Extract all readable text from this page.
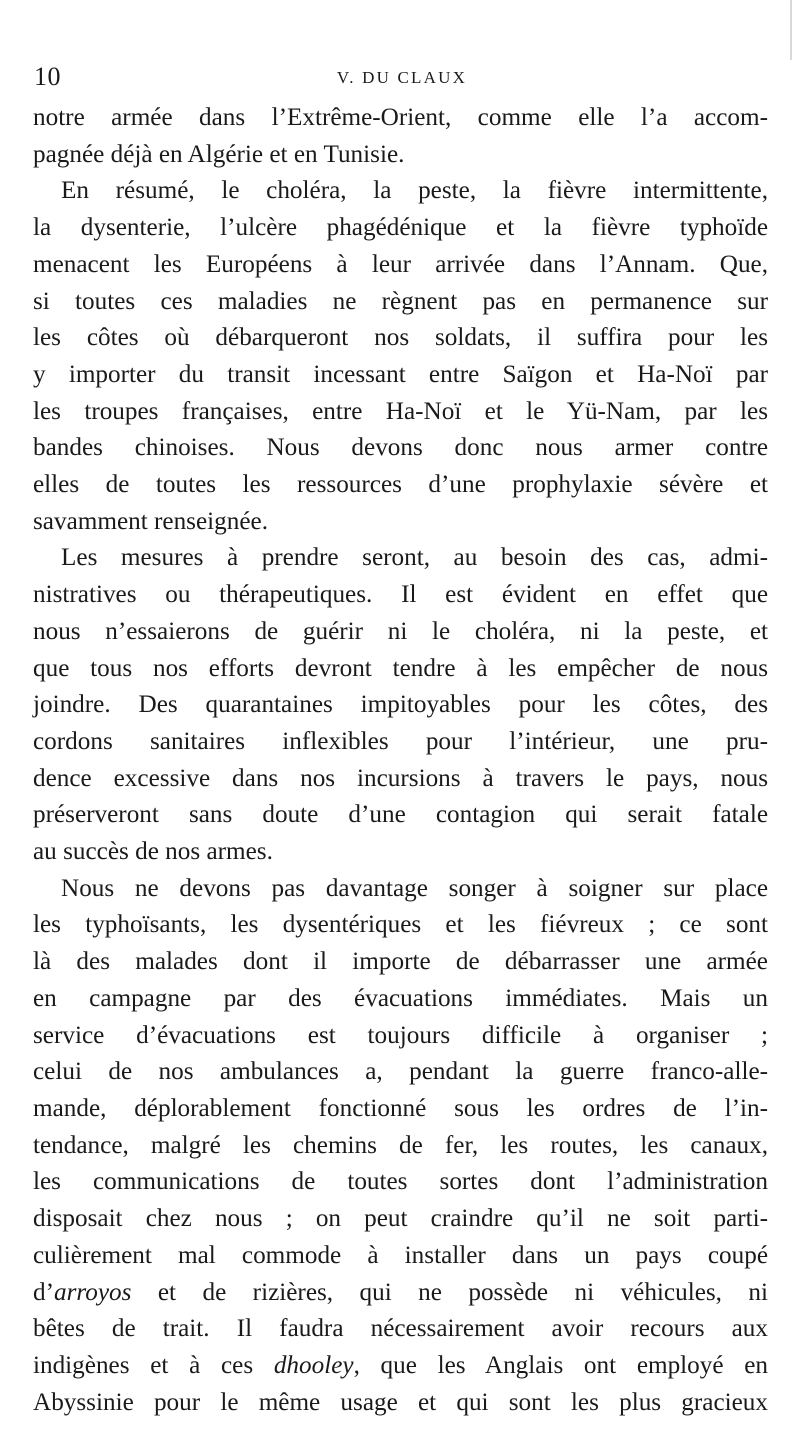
10	V. DU CLAUX
notre armée dans l’Extrême-Orient, comme elle l’a accom-
pagnée déjà en Algérie et en Tunisie.
En résumé, le choléra, la peste, la fièvre intermittente,
la dysenterie, l’ulcère phagédénique et la fièvre typhoïde
menacent les Européens à leur arrivée dans l’Annam. Que,
si toutes ces maladies ne règnent pas en permanence sur
les côtes où débarqueront nos soldats, il suffira pour les
y importer du transit incessant entre Saïgon et Ha-Noï par
les troupes françaises, entre Ha-Noï et le Yü-Nam, par les
bandes chinoises. Nous devons donc nous armer contre
elles de toutes les ressources d’une prophylaxie sévère et
savamment renseignée.
Les mesures à prendre seront, au besoin des cas, admi-
nistratives ou thérapeutiques. Il est évident en effet que
nous n’essaierons de guérir ni le choléra, ni la peste, et
que tous nos efforts devront tendre à les empêcher de nous
joindre. Des quarantaines impitoyables pour les côtes, des
cordons sanitaires inflexibles pour l’intérieur, une pru-
dence excessive dans nos incursions à travers le pays, nous
préserveront sans doute d’une contagion qui serait fatale
au succès de nos armes.
Nous ne devons pas davantage songer à soigner sur place
les typhoïsants, les dysentériques et les fiévreux ; ce sont
là des malades dont il importe de débarrasser une armée
en campagne par des évacuations immédiates. Mais un
service d’évacuations est toujours difficile à organiser ;
celui de nos ambulances a, pendant la guerre franco-alle-
mande, déplorablement fonctionné sous les ordres de l’in-
tendance, malgré les chemins de fer, les routes, les canaux,
les communications de toutes sortes dont l’administration
disposait chez nous ; on peut craindre qu’il ne soit parti-
culièrement mal commode à installer dans un pays coupé
d’arroyos et de rizières, qui ne possède ni véhicules, ni
bêtes de trait. Il faudra nécessairement avoir recours aux
indigènes et à ces dhooley, que les Anglais ont employé en
Abyssinie pour le même usage et qui sont les plus gracieux
